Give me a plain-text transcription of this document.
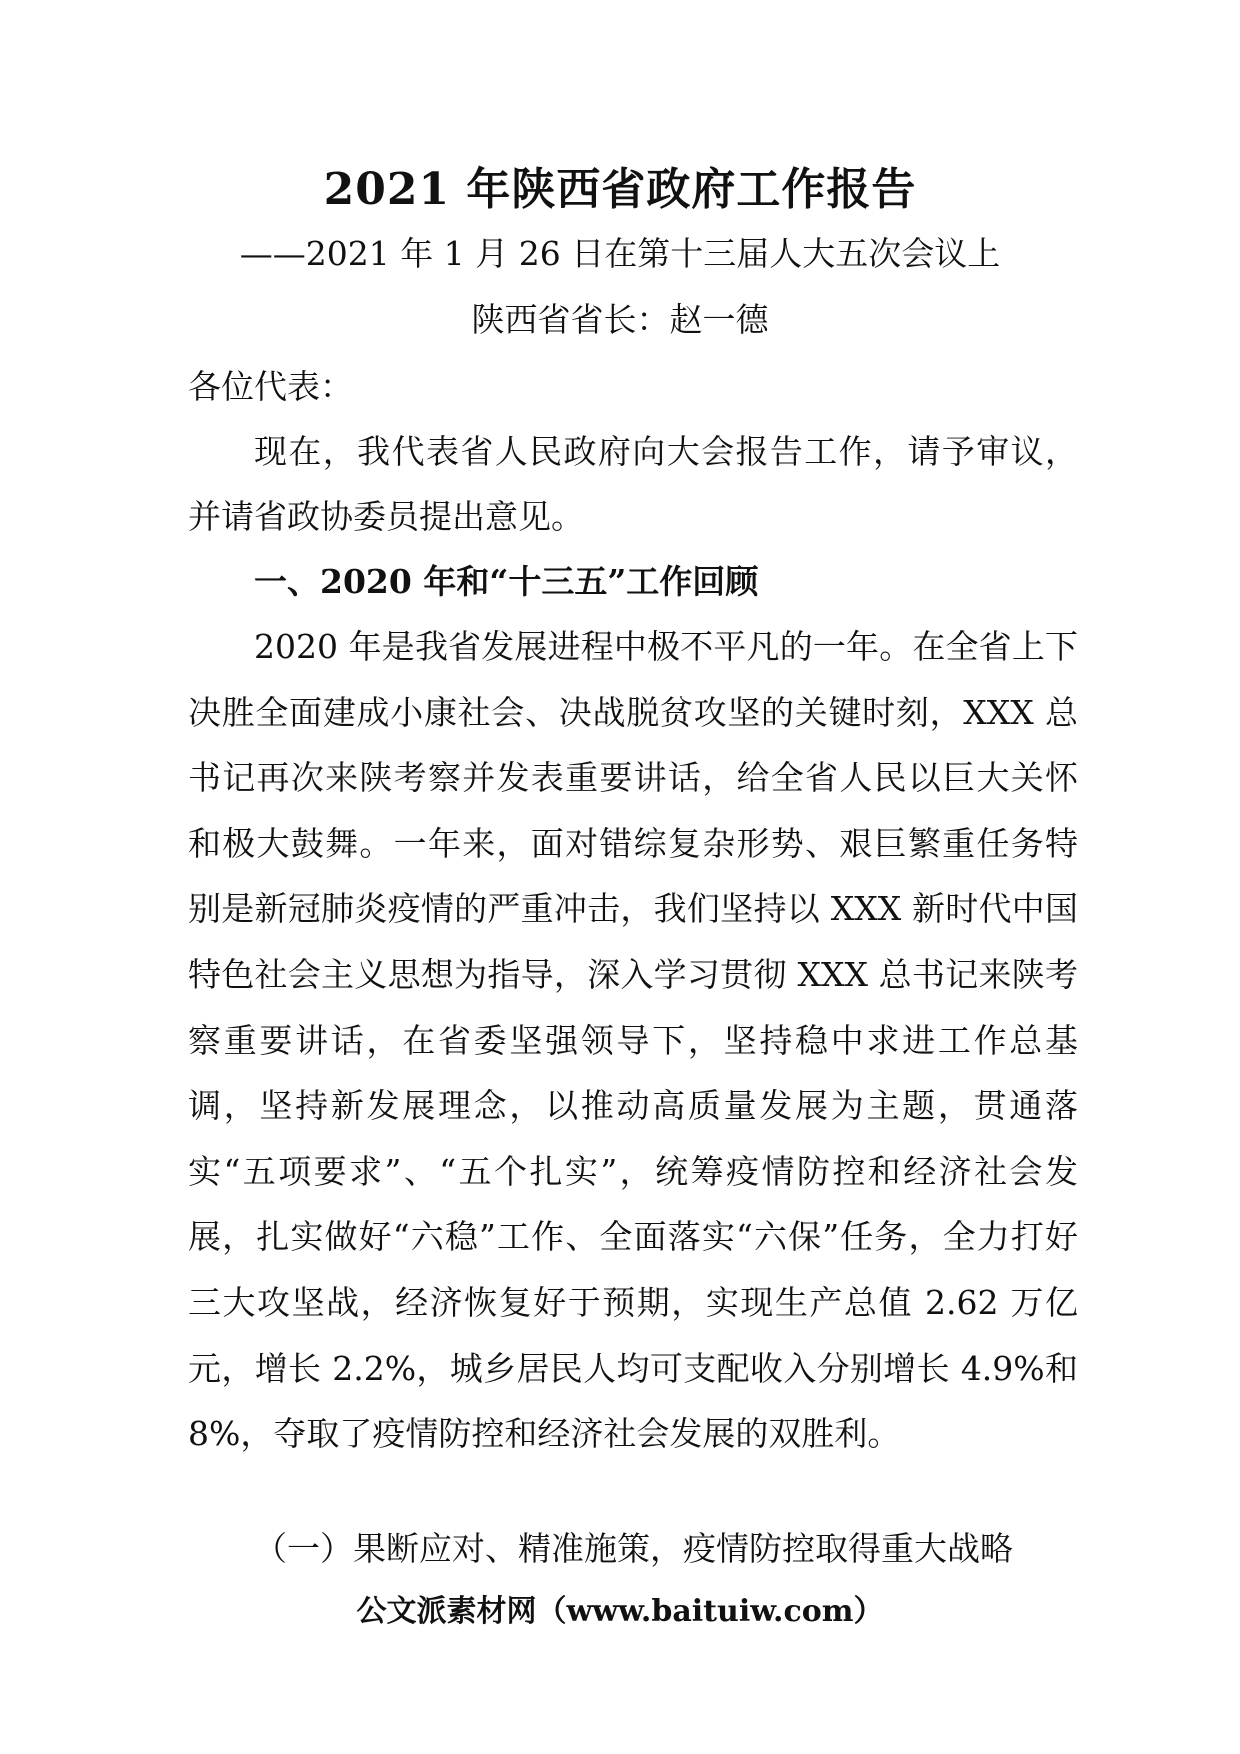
2021 年陕西省政府工作报告
——2021 年 1 月 26 日在第十三届人大五次会议上
陕西省省长：赵一德
各位代表：
现在，我代表省人民政府向大会报告工作，请予审议，并请省政协委员提出意见。
一、2020 年和“十三五”工作回顾
2020 年是我省发展进程中极不平凡的一年。在全省上下决胜全面建成小康社会、决战脱贫攻坚的关键时刻，XXX 总书记再次来陕考察并发表重要讲话，给全省人民以巨大关怀和极大鼓舞。一年来，面对错综复杂形势、艰巨繁重任务特别是新冠肺炎疫情的严重冲击，我们坚持以 XXX 新时代中国特色社会主义思想为指导，深入学习贯彻 XXX 总书记来陕考察重要讲话，在省委坚强领导下，坚持稳中求进工作总基调，坚持新发展理念，以推动高质量发展为主题，贯通落实“五项要求”、“五个扎实”，统筹疫情防控和经济社会发展，扎实做好“六稳”工作、全面落实“六保”任务，全力打好三大攻坚战，经济恢复好于预期，实现生产总值 2.62 万亿元，增长 2.2%，城乡居民人均可支配收入分别增长 4.9%和 8%，夺取了疫情防控和经济社会发展的双胜利。
（一）果断应对、精准施策，疫情防控取得重大战略
公文派素材网（www.baituiw.com）
